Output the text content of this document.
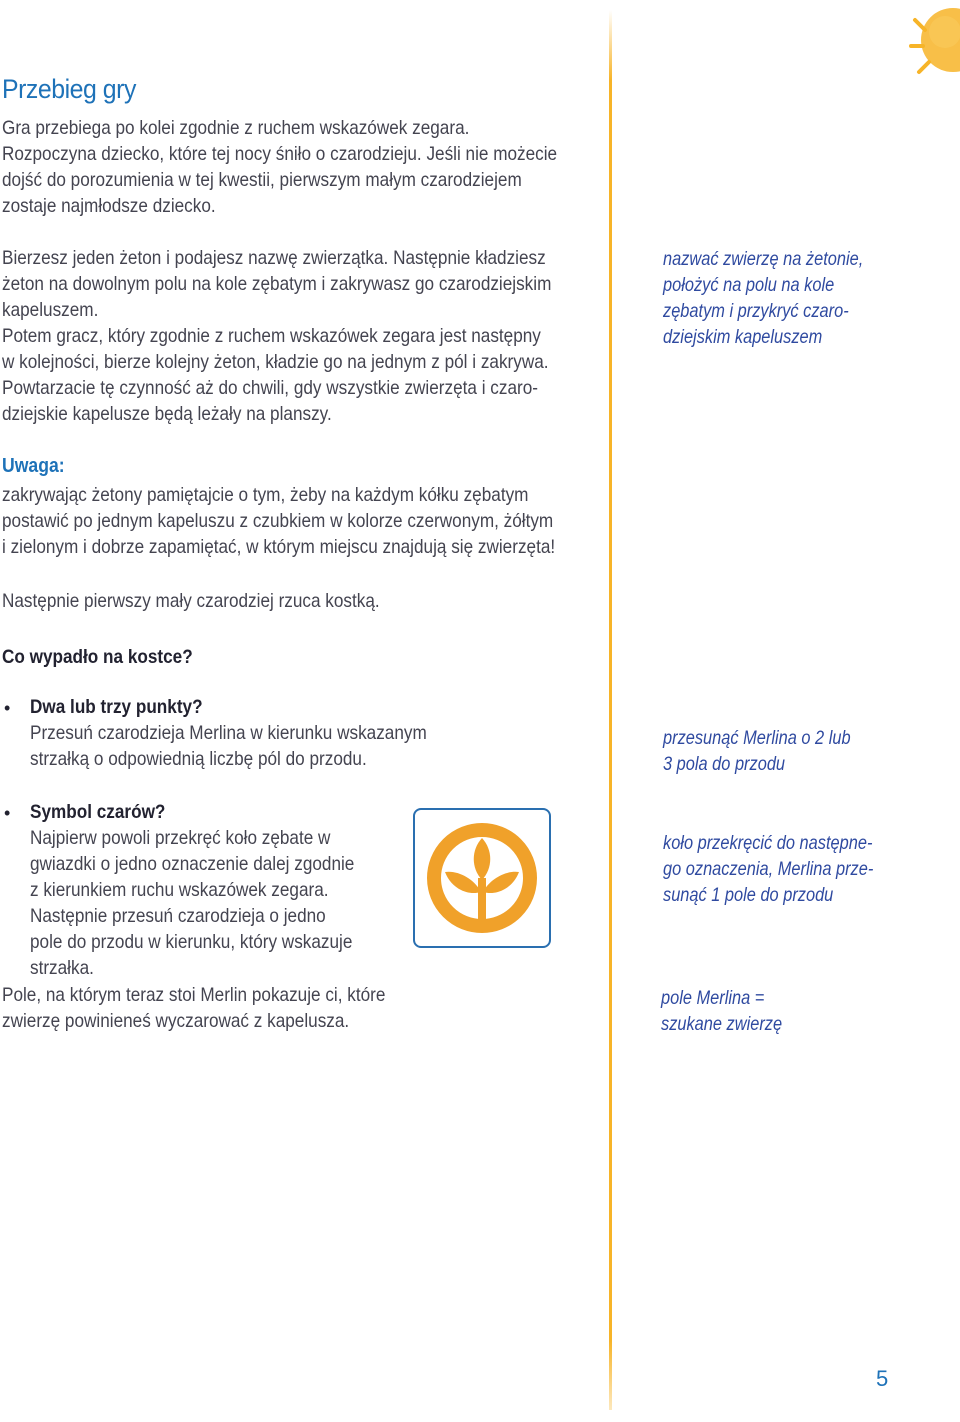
Przebieg gry
Gra przebiega po kolei zgodnie z ruchem wskazówek zegara.
Rozpoczyna dziecko, które tej nocy śniło o czarodzieju. Jeśli nie możecie
dojść do porozumienia w tej kwestii, pierwszym małym czarodziejem
zostaje najmłodsze dziecko.
Bierzesz jeden żeton i podajesz nazwę zwierzątka. Następnie kładziesz
żeton na dowolnym polu na kole zębatym i zakrywasz go czarodziejskim
kapeluszem.
Potem gracz, który zgodnie z ruchem wskazówek zegara jest następny
w kolejności, bierze kolejny żeton, kładzie go na jednym z pól i zakrywa.
Powtarzacie tę czynność aż do chwili, gdy wszystkie zwierzęta i czaro-
dziejskie kapelusze będą leżały na planszy.
Uwaga:
zakrywając żetony pamiętajcie o tym, żeby na każdym kółku zębatym
postawić po jednym kapeluszu z czubkiem w kolorze czerwonym, żółtym
i zielonym i dobrze zapamiętać, w którym miejscu znajdują się zwierzęta!
Następnie pierwszy mały czarodziej rzuca kostką.
Co wypadło na kostce?
• Dwa lub trzy punkty?
Przesuń czarodzieja Merlina w kierunku wskazanym
strzałką o odpowiednią liczbę pól do przodu.
• Symbol czarów?
Najpierw powoli przekręć koło zębate w
gwiazdki o jedno oznaczenie dalej zgodnie
z kierunkiem ruchu wskazówek zegara.
Następnie przesuń czarodzieja o jedno
pole do przodu w kierunku, który wskazuje
strzałka.
Pole, na którym teraz stoi Merlin pokazuje ci, które
zwierzę powinieneś wyczarować z kapelusza.
nazwać zwierzę na żetonie,
położyć na polu na kole
zębatym i przykryć czaro-
dziejskim kapeluszem
przesunąć Merlina o 2 lub
3 pola do przodu
koło przekręcić do następne-
go oznaczenia, Merlina prze-
sunąć 1 pole do przodu
pole Merlina =
szukane zwierzę
5
